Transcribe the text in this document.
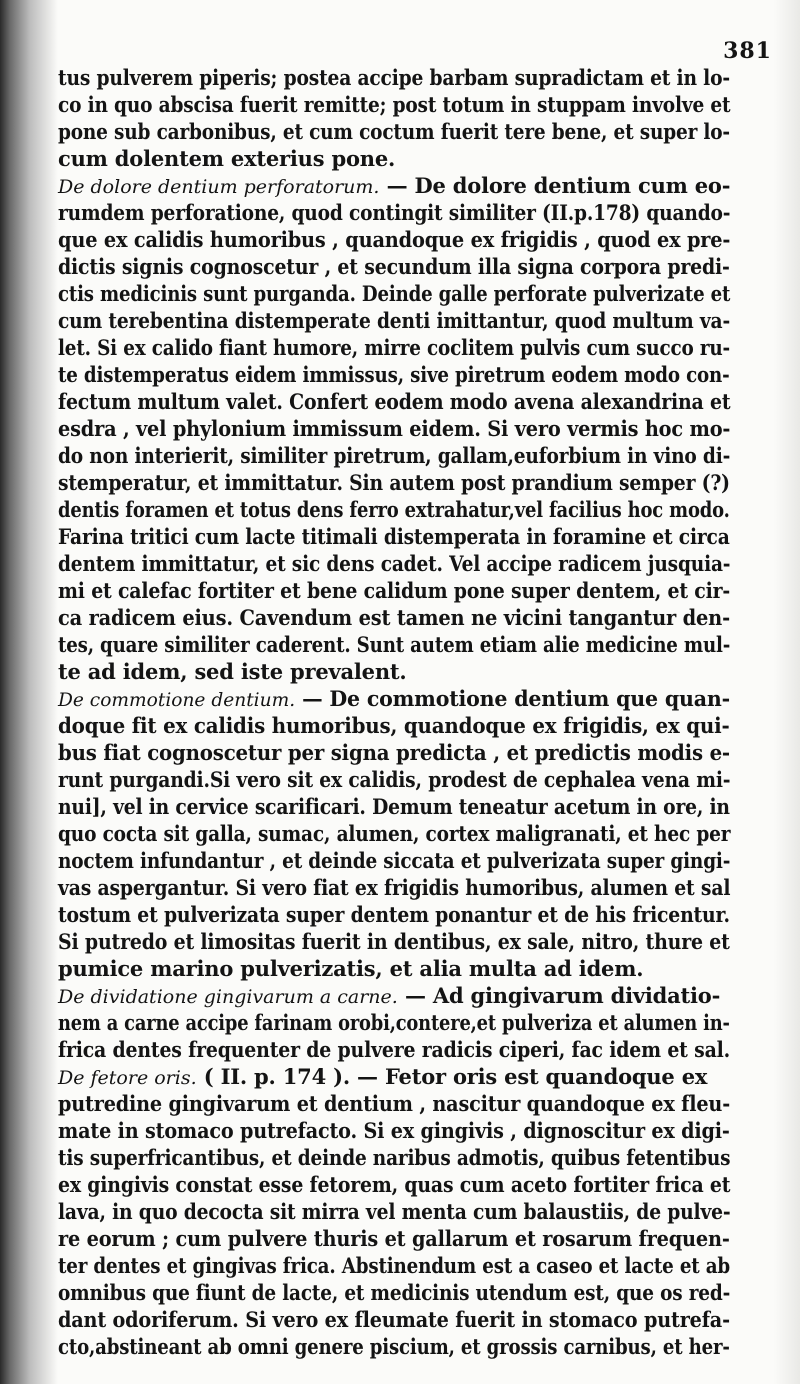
381
tus pulverem piperis; postea accipe barbam supradictam et in lo-
co in quo abscisa fuerit remitte; post totum in stuppam involve et
pone sub carbonibus, et cum coctum fuerit tere bene, et super lo-
cum dolentem exterius pone.
De dolore dentium perforatorum. — De dolore dentium cum eo-
rumdem perforatione, quod contingit similiter (II.p.178) quando-
que ex calidis humoribus , quandoque ex frigidis , quod ex pre-
dictis signis cognoscetur , et secundum illa signa corpora predi-
ctis medicinis sunt purganda. Deinde galle perforate pulverizate et
cum terebentina distemperate denti imittantur, quod multum va-
let. Si ex calido fiant humore, mirre coclitem pulvis cum succo ru-
te distemperatus eidem immissus, sive piretrum eodem modo con-
fectum multum valet. Confert eodem modo avena alexandrina et
esdra , vel phylonium immissum eidem. Si vero vermis hoc mo-
do non interierit, similiter piretrum, gallam,euforbium in vino di-
stemperatur, et immittatur. Sin autem post prandium semper (?)
dentis foramen et totus dens ferro extrahatur,vel facilius hoc modo.
Farina tritici cum lacte titimali distemperata in foramine et circa
dentem immittatur, et sic dens cadet. Vel accipe radicem jusquia-
mi et calefac fortiter et bene calidum pone super dentem, et cir-
ca radicem eius. Cavendum est tamen ne vicini tangantur den-
tes, quare similiter caderent. Sunt autem etiam alie medicine mul-
te ad idem, sed iste prevalent.
De commotione dentium. — De commotione dentium que quan-
doque fit ex calidis humoribus, quandoque ex frigidis, ex qui-
bus fiat cognoscetur per signa predicta , et predictis modis e-
runt purgandi.Si vero sit ex calidis, prodest de cephalea vena mi-
nui], vel in cervice scarificari. Demum teneatur acetum in ore, in
quo cocta sit galla, sumac, alumen, cortex maligranati, et hec per
noctem infundantur , et deinde siccata et pulverizata super gingi-
vas aspergantur. Si vero fiat ex frigidis humoribus, alumen et sal
tostum et pulverizata super dentem ponantur et de his fricentur.
Si putredo et limositas fuerit in dentibus, ex sale, nitro, thure et
pumice marino pulverizatis, et alia multa ad idem.
De dividatione gingivarum a carne. — Ad gingivarum dividatio-
nem a carne accipe farinam orobi,contere,et pulveriza et alumen in-
frica dentes frequenter de pulvere radicis ciperi, fac idem et sal.
De fetore oris. ( II. p. 174 ). — Fetor oris est quandoque ex
putredine gingivarum et dentium , nascitur quandoque ex fleu-
mate in stomaco putrefacto. Si ex gingivis , dignoscitur ex digi-
tis superfricantibus, et deinde naribus admotis, quibus fetentibus
ex gingivis constat esse fetorem, quas cum aceto fortiter frica et
lava, in quo decocta sit mirra vel menta cum balaustiis, de pulve-
re eorum ; cum pulvere thuris et gallarum et rosarum frequen-
ter dentes et gingivas frica. Abstinendum est a caseo et lacte et ab
omnibus que fiunt de lacte, et medicinis utendum est, que os red-
dant odoriferum. Si vero ex fleumate fuerit in stomaco putrefa-
cto,abstineant ab omni genere piscium, et grossis carnibus, et her-
